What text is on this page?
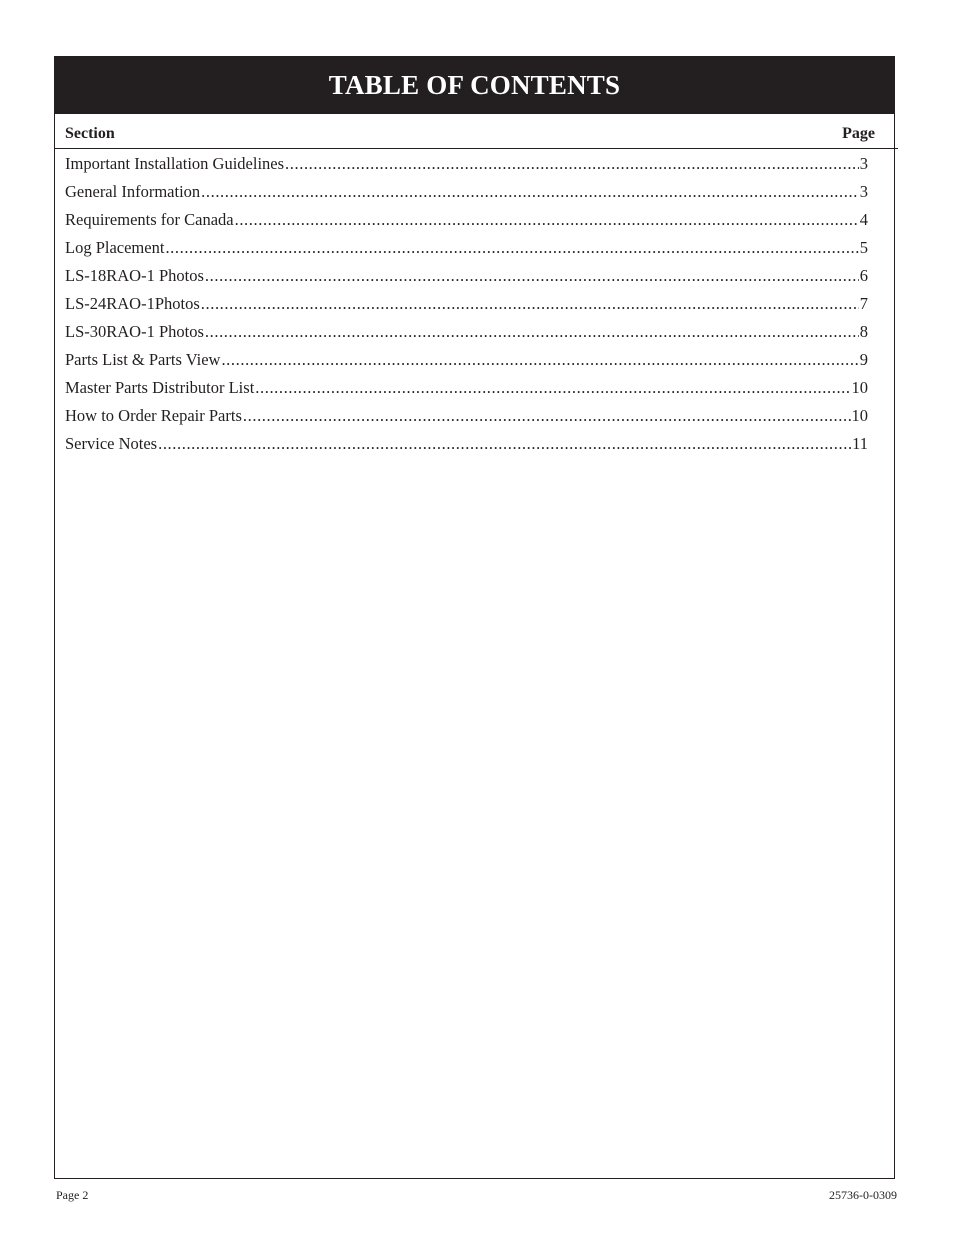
TABLE OF CONTENTS
Section	Page
Important Installation Guidelines .....	3
General Information .....	3
Requirements for Canada .....	4
Log Placement .....	5
LS-18RAO-1 Photos .....	6
LS-24RAO-1Photos .....	7
LS-30RAO-1 Photos .....	8
Parts List & Parts View .....	9
Master Parts Distributor List .....	10
How to Order Repair Parts .....	10
Service Notes .....	11
Page 2	25736-0-0309
